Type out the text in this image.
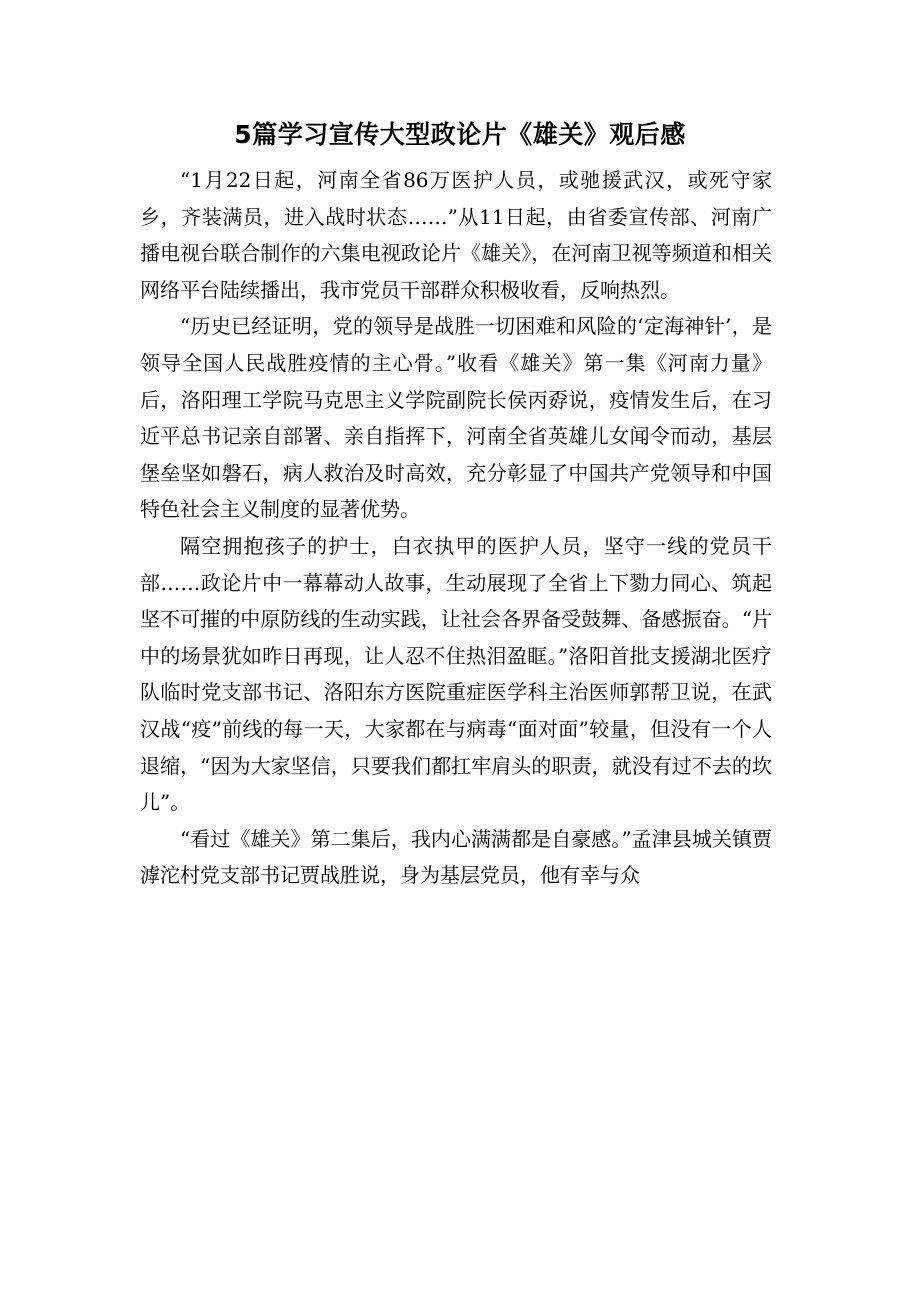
5篇学习宣传大型政论片《雄关》观后感

“1月22日起，河南全省86万医护人员，或驰援武汉，或死守家乡，齐装满员，进入战时状态……”从11日起，由省委宣传部、河南广播电视台联合制作的六集电视政论片《雄关》，在河南卫视等频道和相关网络平台陆续播出，我市党员干部群众积极收看，反响热烈。

“历史已经证明，党的领导是战胜一切困难和风险的‘定海神针’，是领导全国人民战胜疫情的主心骨。”收看《雄关》第一集《河南力量》后，洛阳理工学院马克思主义学院副院长侯丙孬说，疫情发生后，在习近平总书记亲自部署、亲自指挥下，河南全省英雄儿女闻令而动，基层堡垒坚如磐石，病人救治及时高效，充分彰显了中国共产党领导和中国特色社会主义制度的显著优势。

隔空拥抱孩子的护士，白衣执甲的医护人员，坚守一线的党员干部……政论片中一幕幕动人故事，生动展现了全省上下勠力同心、筑起坚不可摧的中原防线的生动实践，让社会各界备受鼓舞、备感振奋。“片中的场景犹如昨日再现，让人忍不住热泪盈眶。”洛阳首批支援湖北医疗队临时党支部书记、洛阳东方医院重症医学科主治医师郭帮卫说，在武汉战“疫”前线的每一天，大家都在与病毒“面对面”较量，但没有一个人退缩，“因为大家坚信，只要我们都扛牢肩头的职责，就没有过不去的坎儿”。

“看过《雄关》第二集后，我内心满满都是自豪感。”孟津县城关镇贾滹沱村党支部书记贾战胜说，身为基层党员，他有幸与众
